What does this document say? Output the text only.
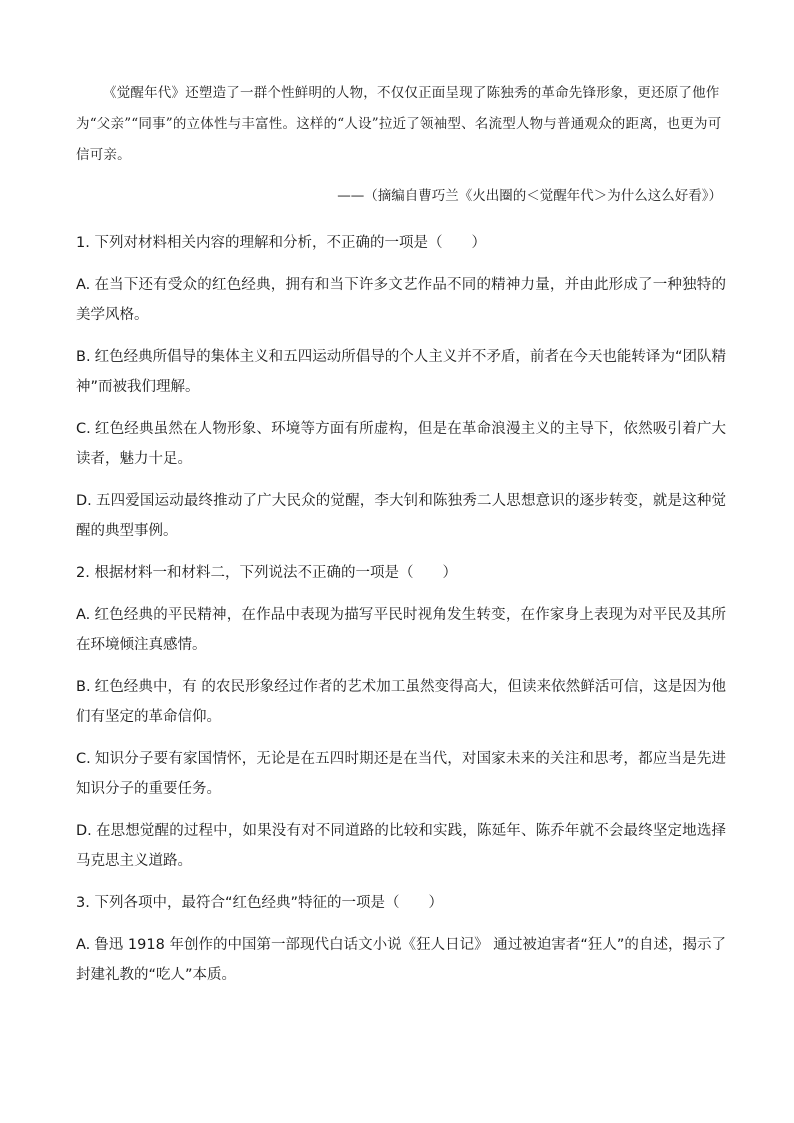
《觉醒年代》还塑造了一群个性鲜明的人物，不仅仅正面呈现了陈独秀的革命先锋形象，更还原了他作为“父亲”“同事”的立体性与丰富性。这样的“人设”拉近了领袖型、名流型人物与普通观众的距离，也更为可信可亲。

——（摘编自曹巧兰《火出圈的＜觉醒年代＞为什么这么好看》）

1. 下列对材料相关内容的理解和分析，不正确的一项是（　　）

A. 在当下还有受众的红色经典，拥有和当下许多文艺作品不同的精神力量，并由此形成了一种独特的美学风格。

B. 红色经典所倡导的集体主义和五四运动所倡导的个人主义并不矛盾，前者在今天也能转译为“团队精神”而被我们理解。

C. 红色经典虽然在人物形象、环境等方面有所虚构，但是在革命浪漫主义的主导下，依然吸引着广大读者，魅力十足。

D. 五四爱国运动最终推动了广大民众的觉醒，李大钊和陈独秀二人思想意识的逐步转变，就是这种觉醒的典型事例。

2. 根据材料一和材料二，下列说法不正确的一项是（　　）

A. 红色经典的平民精神，在作品中表现为描写平民时视角发生转变，在作家身上表现为对平民及其所在环境倾注真感情。

B. 红色经典中，有 的农民形象经过作者的艺术加工虽然变得高大，但读来依然鲜活可信，这是因为他们有坚定的革命信仰。

C. 知识分子要有家国情怀，无论是在五四时期还是在当代，对国家未来的关注和思考，都应当是先进知识分子的重要任务。

D. 在思想觉醒的过程中，如果没有对不同道路的比较和实践，陈延年、陈乔年就不会最终坚定地选择马克思主义道路。

3. 下列各项中，最符合“红色经典”特征的一项是（　　）

A. 鲁迅 1918 年创作的中国第一部现代白话文小说《狂人日记》 通过被迫害者“狂人”的自述，揭示了封建礼教的“吃人”本质。
